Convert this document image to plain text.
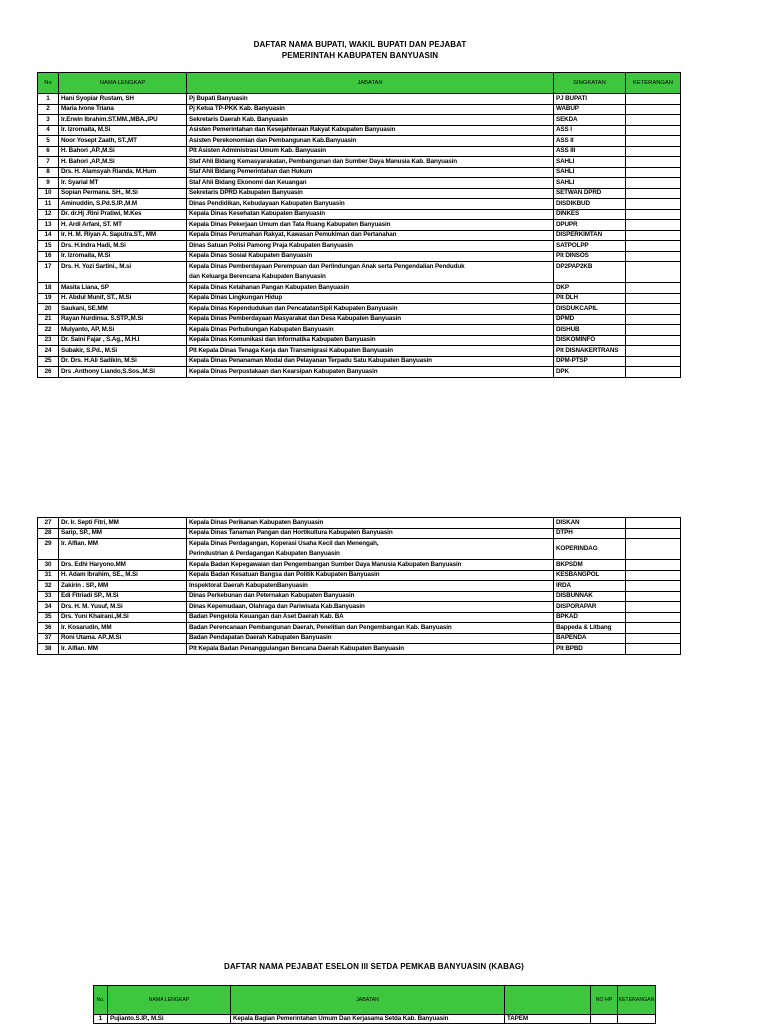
DAFTAR NAMA BUPATI, WAKIL BUPATI DAN PEJABAT
PEMERINTAH KABUPATEN BANYUASIN
No	NAMA LENGKAP	JABATAN	SINGKATAN	KETERANGAN
1	Hani Syopiar Rustam, SH	Pj Bupati Banyuasin	PJ BUPATI	
2	Maria Ivone Triana	Pj Ketua TP-PKK Kab. Banyuasin	WABUP	
3	Ir.Erwin Ibrahim.ST.MM.,MBA.,IPU	Sekretaris Daerah Kab. Banyuasin	SEKDA	
4	Ir. Izromaita, M.Si	Asisten Pemerintahan dan Kesejahteraan Rakyat Kabupaten Banyuasin	ASS I	
5	Noor Yosept Zaath, ST.,MT	Asisten Perekonomian dan Pembangunan Kab.Banyuasin	ASS II	
6	H. Bahori ,AP.,M.Si	Plt Asisten Administrasi Umum Kab. Banyuasin	ASS III	
7	H. Bahori ,AP.,M.Si	Staf Ahli Bidang Kemasyarakatan, Pembangunan dan Sumber Daya Manusia Kab. Banyuasin	SAHLI	
8	Drs. H. Alamsyah Rianda. M.Hum	Staf Ahli Bidang Pemerintahan dan Hukum	SAHLI	
9	Ir. Syarial MT	Staf Ahli Bidang Ekonomi dan Keuangan	SAHLI	
10	Sopian Permana. SH., M.Si	Sekretaris DPRD Kabupaten Banyuasin	SETWAN DPRD	
11	Aminuddin, S.Pd.S.IP.,M.M	Dinas Pendidikan, Kebudayaan Kabupaten Banyuasin	DISDIKBUD	
12	Dr. dr.Hj .Rini Pratiwi, M.Kes	Kepala Dinas Kesehatan Kabupaten Banyuasin	DINKES	
13	H. Ardi Arfani, ST. MT	Kepala Dinas Pekerjaan Umum dan Tata Ruang Kabupaten Banyuasin	DPUPR	
14	Ir. H. M. Riyan A. Saputra.ST., MM	Kepala Dinas Perumahan Rakyat, Kawasan Pemukiman dan Pertanahan	DISPERKIMTAN	
15	Drs. H.Indra Hadi, M.Si	Dinas Satuan Polisi Pamong Praja Kabupaten Banyuasin	SATPOLPP	
16	Ir. Izromaita, M.Si	Kepala Dinas Sosial Kabupaten Banyuasin	Plt DINSOS	
17	Drs. H. Yozi Sartini., M.si	Kepala Dinas Pemberdayaan Perempuan dan Perlindungan Anak serta Pengendalian Penduduk
dan Keluarga Berencana Kabupaten Banyuasin	DP2PAP2KB	
18	Masita Liana, SP	Kepala Dinas Ketahanan Pangan Kabupaten Banyuasin	DKP	
19	H. Abdul Munif, ST., M.Si	Kepala Dinas Lingkungan Hidup	Plt DLH	
20	Saukani, SE.MM	Kepala Dinas Kependudukan dan PencatatanSipil Kabupaten Banyuasin	DISDUKCAPIL	
21	Rayan Nurdinsa. S.STP.,M.Si	Kepala Dinas Pemberdayaan Masyarakat dan Desa Kabupaten Banyuasin	DPMD	
22	Mulyanto, AP, M.Si	Kepala Dinas Perhubungan Kabupaten Banyuasin	DISHUB	
23	Dr. Saini Fajar , S.Ag., M.H.I	Kepala Dinas Komunikasi dan Informatika Kabupaten Banyuasin	DISKOMINFO	
24	Subakir, S.Pd., M.Si	Plt Kepala Dinas Tenaga Kerja dan Transmigrasi Kabupaten Banyuasin	Plt DISNAKERTRANS	
25	Dr. Drs. H.Ali Sadikin, M.Si	Kepala Dinas Penanaman Modal dan Pelayanan Terpadu Satu Kabupaten Banyuasin	DPM-PTSP	
26	Drs .Anthony Liando,S.Sos.,M.Si	Kepala Dinas Perpustakaan dan Kearsipan Kabupaten Banyuasin	DPK	
27	Dr. Ir. Septi Fitri, MM	Kepala Dinas Perikanan Kabupaten Banyuasin	DISKAN	
28	Sarip, SP., MM	Kepala Dinas Tanaman Pangan dan Hortikultura Kabupaten Banyuasin	DTPH	
29	Ir. Alfian. MM	Kepala Dinas Perdagangan, Koperasi Usaha Kecil dan Menengah,
Perindustrian & Perdagangan Kabupaten Banyuasin	KOPERINDAG	
30	Drs. Edhi Haryono.MM	Kepala Badan Kepegawaian dan Pengembangan Sumber Daya Manusia Kabupaten Banyuasin	BKPSDM	
31	H. Adam Ibrahim, SE., M.Si	Kepala Badan Kesatuan Bangsa dan Politik Kabupaten Banyuasin	KESBANGPOL	
32	Zakirin . SP., MM	Inspektorat Daerah KabupatenBanyuasin	IRDA	
33	Edi Fitriadi SP., M.Si	Dinas Perkebunan dan Peternakan Kabupaten Banyuasin	DISBUNNAK	
34	Drs. H. M. Yusuf, M.Si	Dinas Kepemudaan, Olahraga dan Pariwisata Kab.Banyuasin	DISPORAPAR	
35	Drs. Yuni Khairani.,M.Si	Badan Pengelola Keuangan dan Aset Daerah Kab. BA	BPKAD	
36	Ir. Kosarudin, MM	Badan Perencanaan Pembangunan Daerah, Penelitian dan Pengembangan Kab. Banyuasin	Bappeda & Litbang	
37	Roni Utama. AP.,M.Si	Badan Pendapatan Daerah Kabupaten Banyuasin	BAPENDA	
38	Ir. Alfian. MM	Plt Kepala Badan Penanggulangan Bencana Daerah Kabupaten Banyuasin	Plt BPBD	
DAFTAR NAMA PEJABAT ESELON III SETDA PEMKAB BANYUASIN (KABAG)
No.	NAMA LENGKAP	JABATAN		NO HP	KETERANGAN
1	Pujianto.S.IP., M.Si	Kepala Bagian Pemerintahan Umum Dan Kerjasama Setda Kab. Banyuasin	TAPEM		
